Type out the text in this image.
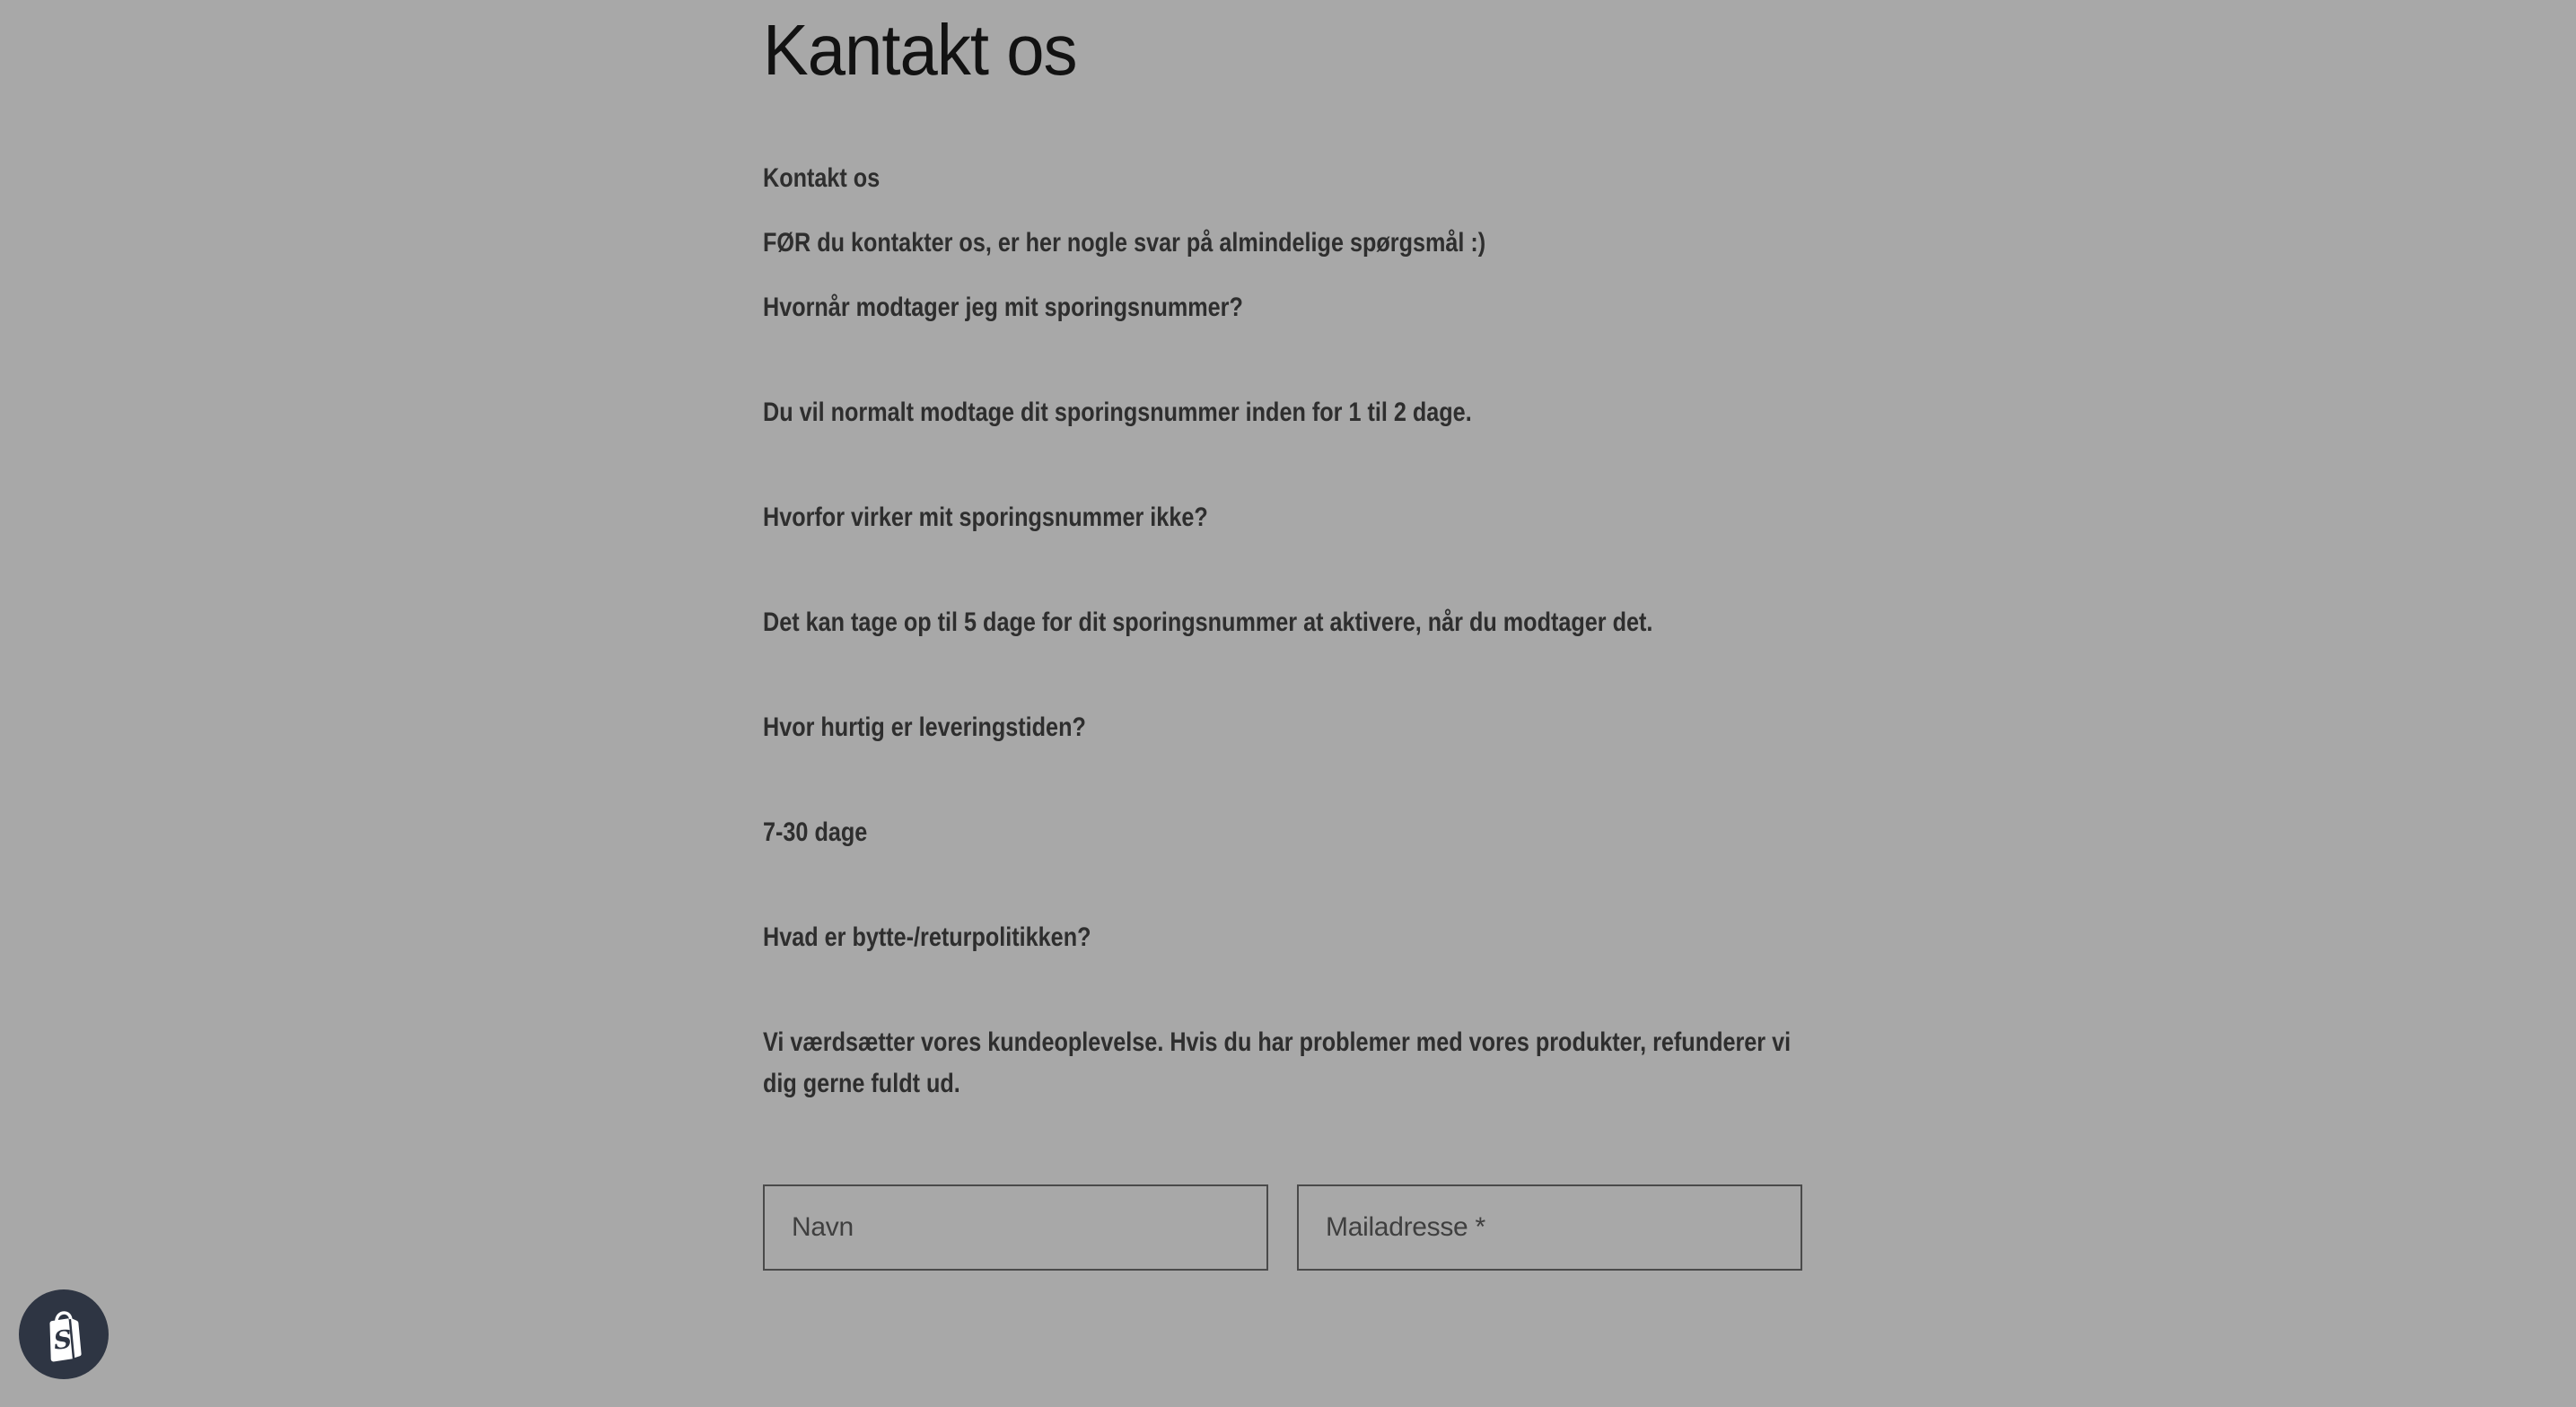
Kantakt os

Kontakt os

FØR du kontakter os, er her nogle svar på almindelige spørgsmål :)

Hvornår modtager jeg mit sporingsnummer?

Du vil normalt modtage dit sporingsnummer inden for 1 til 2 dage.

Hvorfor virker mit sporingsnummer ikke?

Det kan tage op til 5 dage for dit sporingsnummer at aktivere, når du modtager det.

Hvor hurtig er leveringstiden?

7-30 dage

Hvad er bytte-/returpolitikken?

Vi værdsætter vores kundeoplevelse. Hvis du har problemer med vores produkter, refunderer vi

dig gerne fuldt ud.

Navn
Mailadresse *
S
